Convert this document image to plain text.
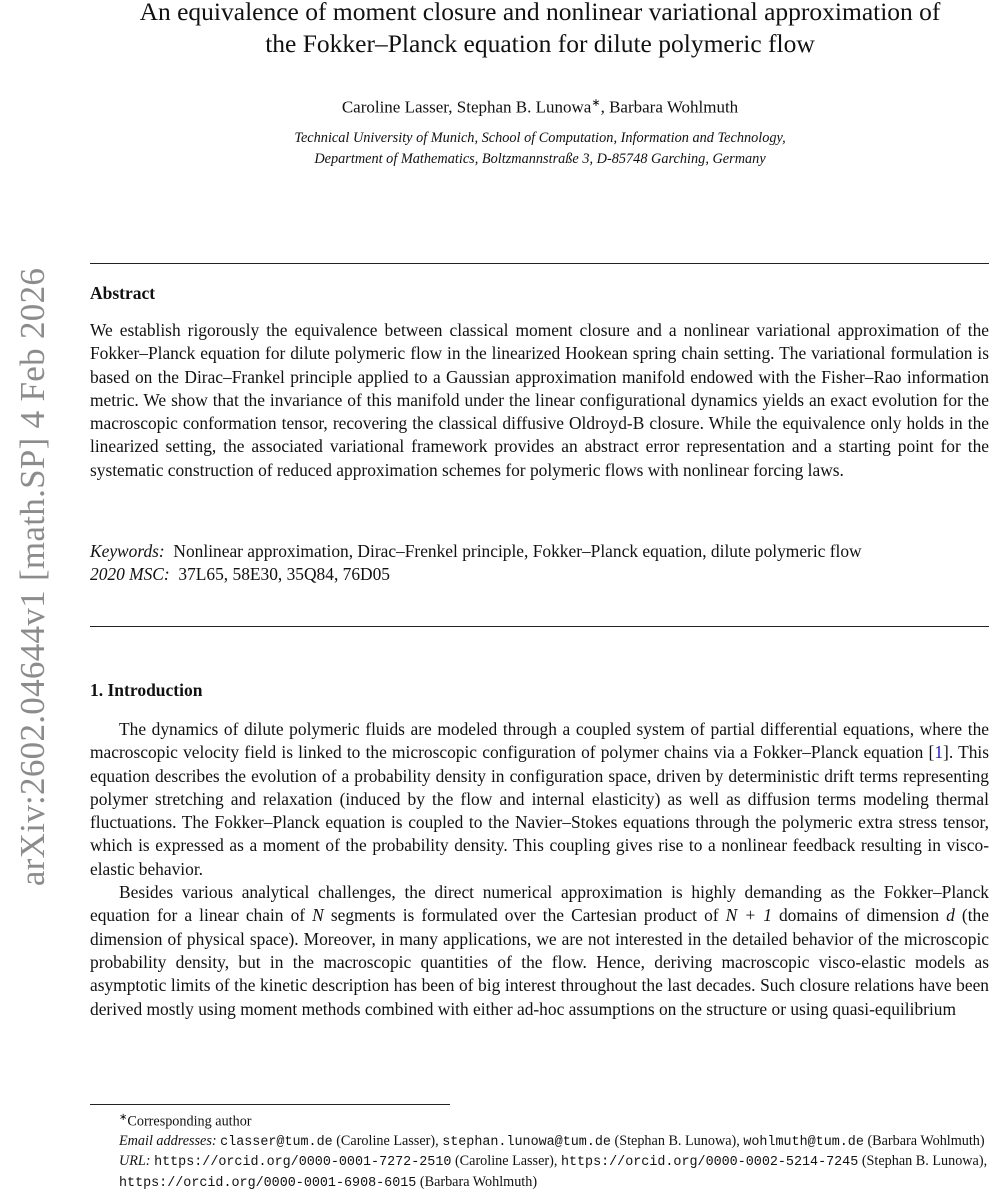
arXiv:2602.04644v1 [math.SP] 4 Feb 2026
An equivalence of moment closure and nonlinear variational approximation of
the Fokker–Planck equation for dilute polymeric flow
Caroline Lasser, Stephan B. Lunowa∗, Barbara Wohlmuth
Technical University of Munich, School of Computation, Information and Technology,
Department of Mathematics, Boltzmannstraße 3, D-85748 Garching, Germany
Abstract

We establish rigorously the equivalence between classical moment closure and a nonlinear variational approximation of the Fokker–Planck equation for dilute polymeric flow in the linearized Hookean spring chain setting. The variational formulation is based on the Dirac–Frankel principle applied to a Gaussian approximation manifold endowed with the Fisher–Rao information metric. We show that the invariance of this manifold under the linear configurational dynamics yields an exact evolution for the macroscopic conformation tensor, recovering the classical diffusive Oldroyd-B closure. While the equivalence only holds in the linearized setting, the associated variational framework provides an abstract error representation and a starting point for the systematic construction of reduced approximation schemes for polymeric flows with nonlinear forcing laws.

Keywords: Nonlinear approximation, Dirac–Frenkel principle, Fokker–Planck equation, dilute polymeric flow
2020 MSC: 37L65, 58E30, 35Q84, 76D05
1. Introduction

The dynamics of dilute polymeric fluids are modeled through a coupled system of partial differential equations, where the macroscopic velocity field is linked to the microscopic configuration of polymer chains via a Fokker–Planck equation [1]. This equation describes the evolution of a probability density in configuration space, driven by deterministic drift terms representing polymer stretching and relaxation (induced by the flow and internal elasticity) as well as diffusion terms modeling thermal fluctuations. The Fokker–Planck equation is coupled to the Navier–Stokes equations through the polymeric extra stress tensor, which is expressed as a moment of the probability density. This coupling gives rise to a nonlinear feedback resulting in visco-elastic behavior.

Besides various analytical challenges, the direct numerical approximation is highly demanding as the Fokker–Planck equation for a linear chain of N segments is formulated over the Cartesian product of N + 1 domains of dimension d (the dimension of physical space). Moreover, in many applications, we are not interested in the detailed behavior of the microscopic probability density, but in the macroscopic quantities of the flow. Hence, deriving macroscopic visco-elastic models as asymptotic limits of the kinetic description has been of big interest throughout the last decades. Such closure relations have been derived mostly using moment methods combined with either ad-hoc assumptions on the structure or using quasi-equilibrium

∗Corresponding author
Email addresses: classer@tum.de (Caroline Lasser), stephan.lunowa@tum.de (Stephan B. Lunowa), wohlmuth@tum.de (Barbara Wohlmuth)
URL: https://orcid.org/0000-0001-7272-2510 (Caroline Lasser), https://orcid.org/0000-0002-5214-7245 (Stephan B. Lunowa), https://orcid.org/0000-0001-6908-6015 (Barbara Wohlmuth)
